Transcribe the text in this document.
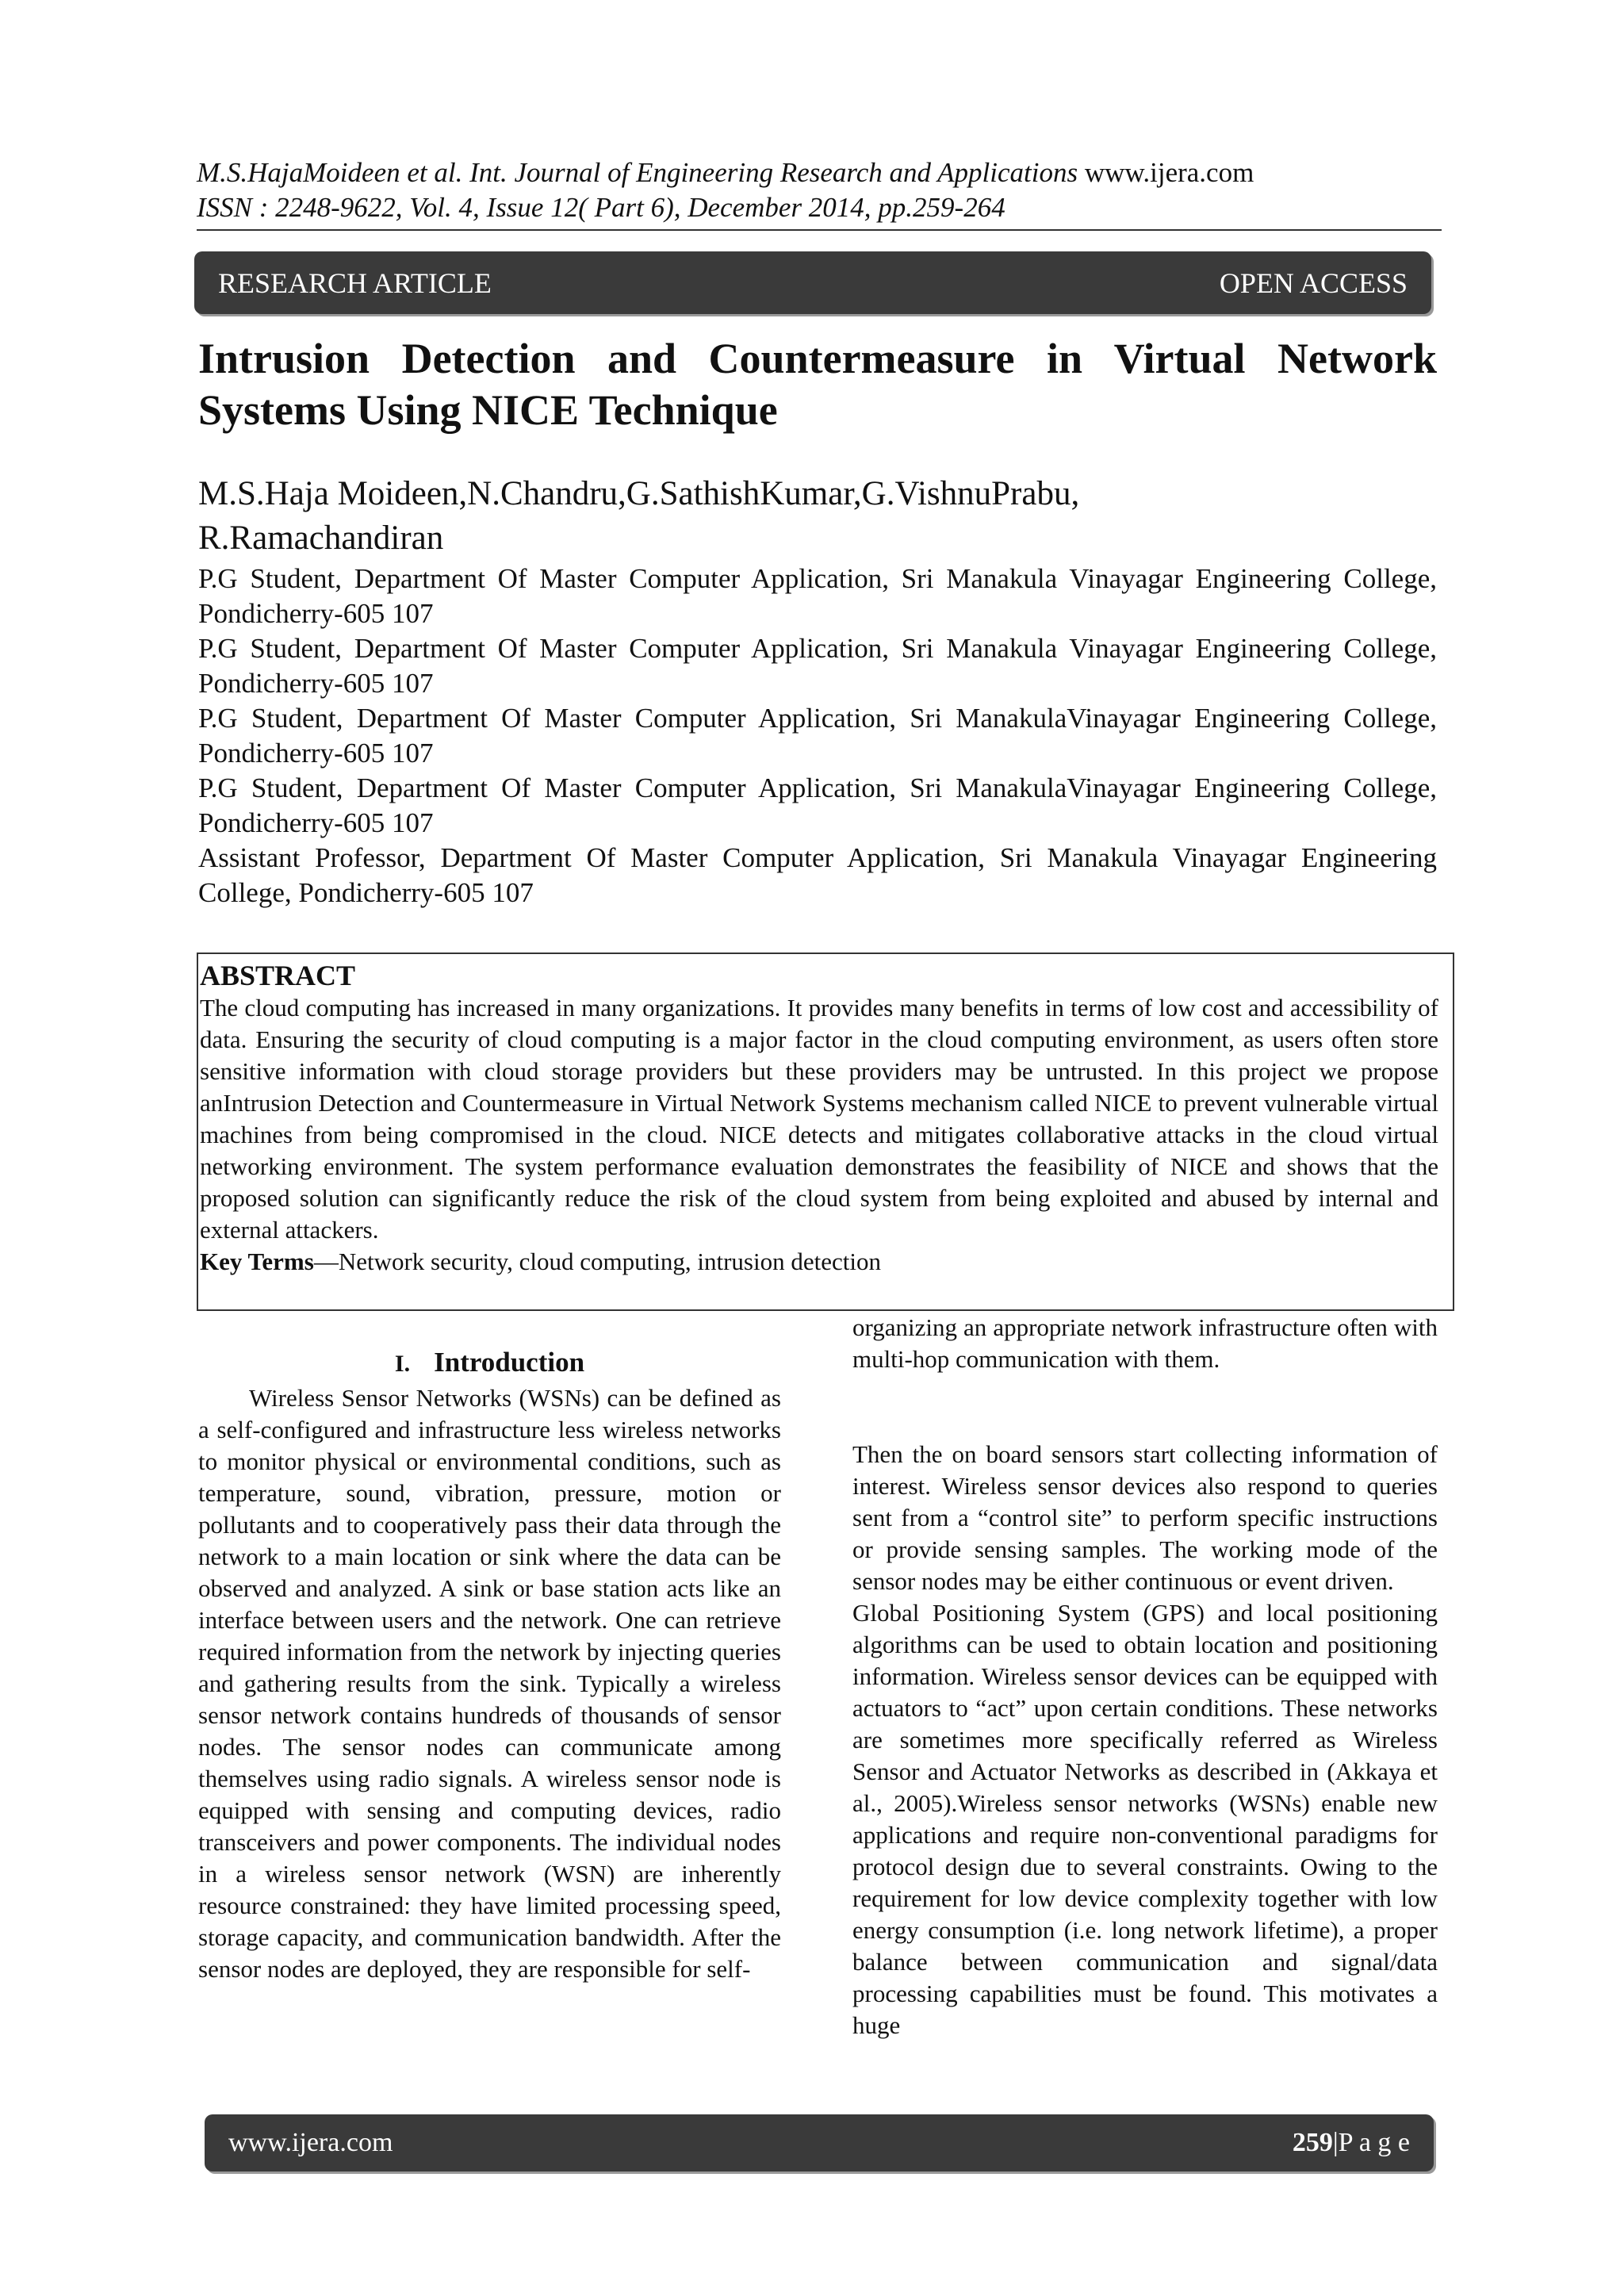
M.S.HajaMoideen et al. Int. Journal of Engineering Research and Applications www.ijera.com
ISSN : 2248-9622, Vol. 4, Issue 12( Part 6), December 2014, pp.259-264
RESEARCH ARTICLE	OPEN ACCESS
Intrusion Detection and Countermeasure in Virtual Network
Systems Using NICE Technique
M.S.Haja Moideen,N.Chandru,G.SathishKumar,G.VishnuPrabu,
R.Ramachandiran
P.G Student, Department Of Master Computer Application, Sri Manakula Vinayagar Engineering College, Pondicherry-605 107
P.G Student, Department Of Master Computer Application, Sri Manakula Vinayagar Engineering College, Pondicherry-605 107
P.G Student, Department Of Master Computer Application, Sri ManakulaVinayagar Engineering College, Pondicherry-605 107
P.G Student, Department Of Master Computer Application, Sri ManakulaVinayagar Engineering College, Pondicherry-605 107
Assistant Professor, Department Of Master Computer Application, Sri Manakula Vinayagar Engineering College, Pondicherry-605 107
ABSTRACT
The cloud computing has increased in many organizations. It provides many benefits in terms of low cost and accessibility of data. Ensuring the security of cloud computing is a major factor in the cloud computing environment, as users often store sensitive information with cloud storage providers but these providers may be untrusted. In this project we propose anIntrusion Detection and Countermeasure in Virtual Network Systems mechanism called NICE to prevent vulnerable virtual machines from being compromised in the cloud. NICE detects and mitigates collaborative attacks in the cloud virtual networking environment. The system performance evaluation demonstrates the feasibility of NICE and shows that the proposed solution can significantly reduce the risk of the cloud system from being exploited and abused by internal and external attackers.
Key Terms—Network security, cloud computing, intrusion detection
I. Introduction

Wireless Sensor Networks (WSNs) can be defined as a self-configured and infrastructure less wireless networks to monitor physical or environmental conditions, such as temperature, sound, vibration, pressure, motion or pollutants and to cooperatively pass their data through the network to a main location or sink where the data can be observed and analyzed. A sink or base station acts like an interface between users and the network. One can retrieve required information from the network by injecting queries and gathering results from the sink. Typically a wireless sensor network contains hundreds of thousands of sensor nodes. The sensor nodes can communicate among themselves using radio signals. A wireless sensor node is equipped with sensing and computing devices, radio transceivers and power components. The individual nodes in a wireless sensor network (WSN) are inherently resource constrained: they have limited processing speed, storage capacity, and communication bandwidth. After the sensor nodes are deployed, they are responsible for self-

organizing an appropriate network infrastructure often with multi-hop communication with them.

Then the on board sensors start collecting information of interest. Wireless sensor devices also respond to queries sent from a “control site” to perform specific instructions or provide sensing samples. The working mode of the sensor nodes may be either continuous or event driven.

Global Positioning System (GPS) and local positioning algorithms can be used to obtain location and positioning information. Wireless sensor devices can be equipped with actuators to “act” upon certain conditions. These networks are sometimes more specifically referred as Wireless Sensor and Actuator Networks as described in (Akkaya et al., 2005).Wireless sensor networks (WSNs) enable new applications and require non-conventional paradigms for protocol design due to several constraints. Owing to the requirement for low device complexity together with low energy consumption (i.e. long network lifetime), a proper balance between communication and signal/data processing capabilities must be found. This motivates a huge

www.ijera.com	259|P a g e
